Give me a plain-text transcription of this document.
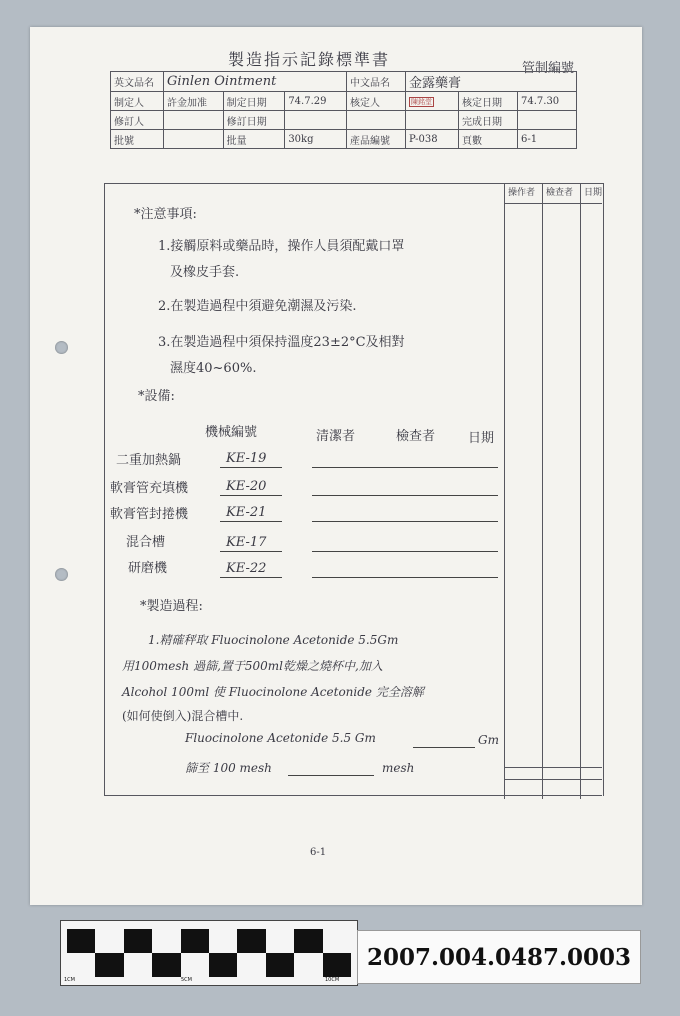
製造指示記錄標準書	管制編號
英文品名	Ginlen Ointment			中文品名	金露藥膏		
制定人	許金加准	制定日期	74.7.29	核定人	陳銘堂	核定日期	74.7.30
修訂人		修訂日期				完成日期	
批號		批量	30kg	產品編號	P-038	頁數	6-1
操作者 檢查者 日期
*注意事項:
1.接觸原料或藥品時，操作人員須配戴口罩
及橡皮手套.
2.在製造過程中須避免潮濕及污染.
3.在製造過程中須保持溫度23±2°C及相對
濕度40~60%.
*設備:
機械編號	清潔者	檢查者	日期
二重加熱鍋	KE-19
軟膏管充填機	KE-20
軟膏管封捲機	KE-21
混合槽	KE-17
研磨機	KE-22
*製造過程:
1.精確秤取 Fluocinolone Acetonide 5.5Gm
用100mesh 過篩,置于500ml乾燥之燒杯中,加入
Alcohol 100ml 使 Fluocinolone Acetonide 完全溶解
(如何使倒入)混合槽中.
Fluocinolone Acetonide 5.5 Gm	Gm
篩至 100 mesh	mesh
6-1
1CM	5CM	10CM
2007.004.0487.0003
